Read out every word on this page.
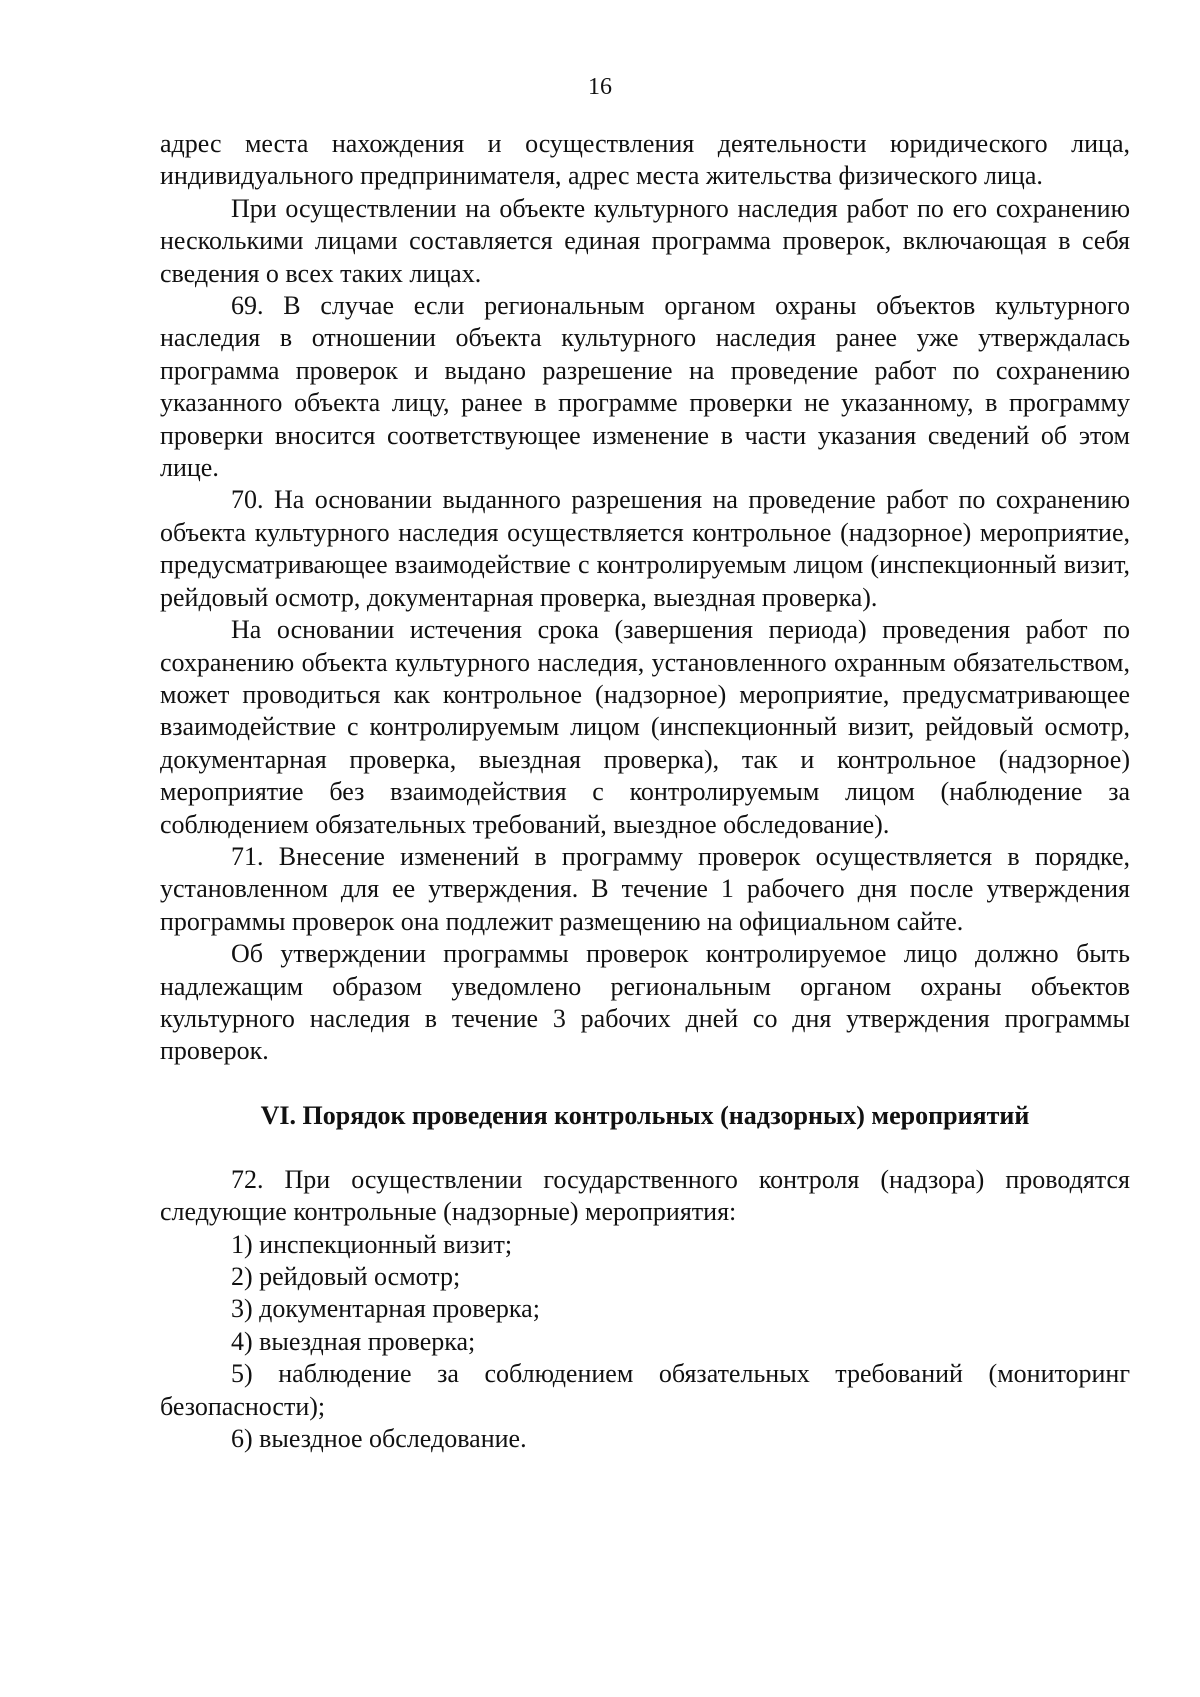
16

адрес места нахождения и осуществления деятельности юридического лица, индивидуального предпринимателя, адрес места жительства физического лица.

При осуществлении на объекте культурного наследия работ по его сохранению несколькими лицами составляется единая программа проверок, включающая в себя сведения о всех таких лицах.

69. В случае если региональным органом охраны объектов культурного наследия в отношении объекта культурного наследия ранее уже утверждалась программа проверок и выдано разрешение на проведение работ по сохранению указанного объекта лицу, ранее в программе проверки не указанному, в программу проверки вносится соответствующее изменение в части указания сведений об этом лице.

70. На основании выданного разрешения на проведение работ по сохранению объекта культурного наследия осуществляется контрольное (надзорное) мероприятие, предусматривающее взаимодействие с контролируемым лицом (инспекционный визит, рейдовый осмотр, документарная проверка, выездная проверка).

На основании истечения срока (завершения периода) проведения работ по сохранению объекта культурного наследия, установленного охранным обязательством, может проводиться как контрольное (надзорное) мероприятие, предусматривающее взаимодействие с контролируемым лицом (инспекционный визит, рейдовый осмотр, документарная проверка, выездная проверка), так и контрольное (надзорное) мероприятие без взаимодействия с контролируемым лицом (наблюдение за соблюдением обязательных требований, выездное обследование).

71. Внесение изменений в программу проверок осуществляется в порядке, установленном для ее утверждения. В течение 1 рабочего дня после утверждения программы проверок она подлежит размещению на официальном сайте.

Об утверждении программы проверок контролируемое лицо должно быть надлежащим образом уведомлено региональным органом охраны объектов культурного наследия в течение 3 рабочих дней со дня утверждения программы проверок.

VI. Порядок проведения контрольных (надзорных) мероприятий

72. При осуществлении государственного контроля (надзора) проводятся следующие контрольные (надзорные) мероприятия:

1) инспекционный визит;

2) рейдовый осмотр;

3) документарная проверка;

4) выездная проверка;

5) наблюдение за соблюдением обязательных требований (мониторинг безопасности);

6) выездное обследование.
